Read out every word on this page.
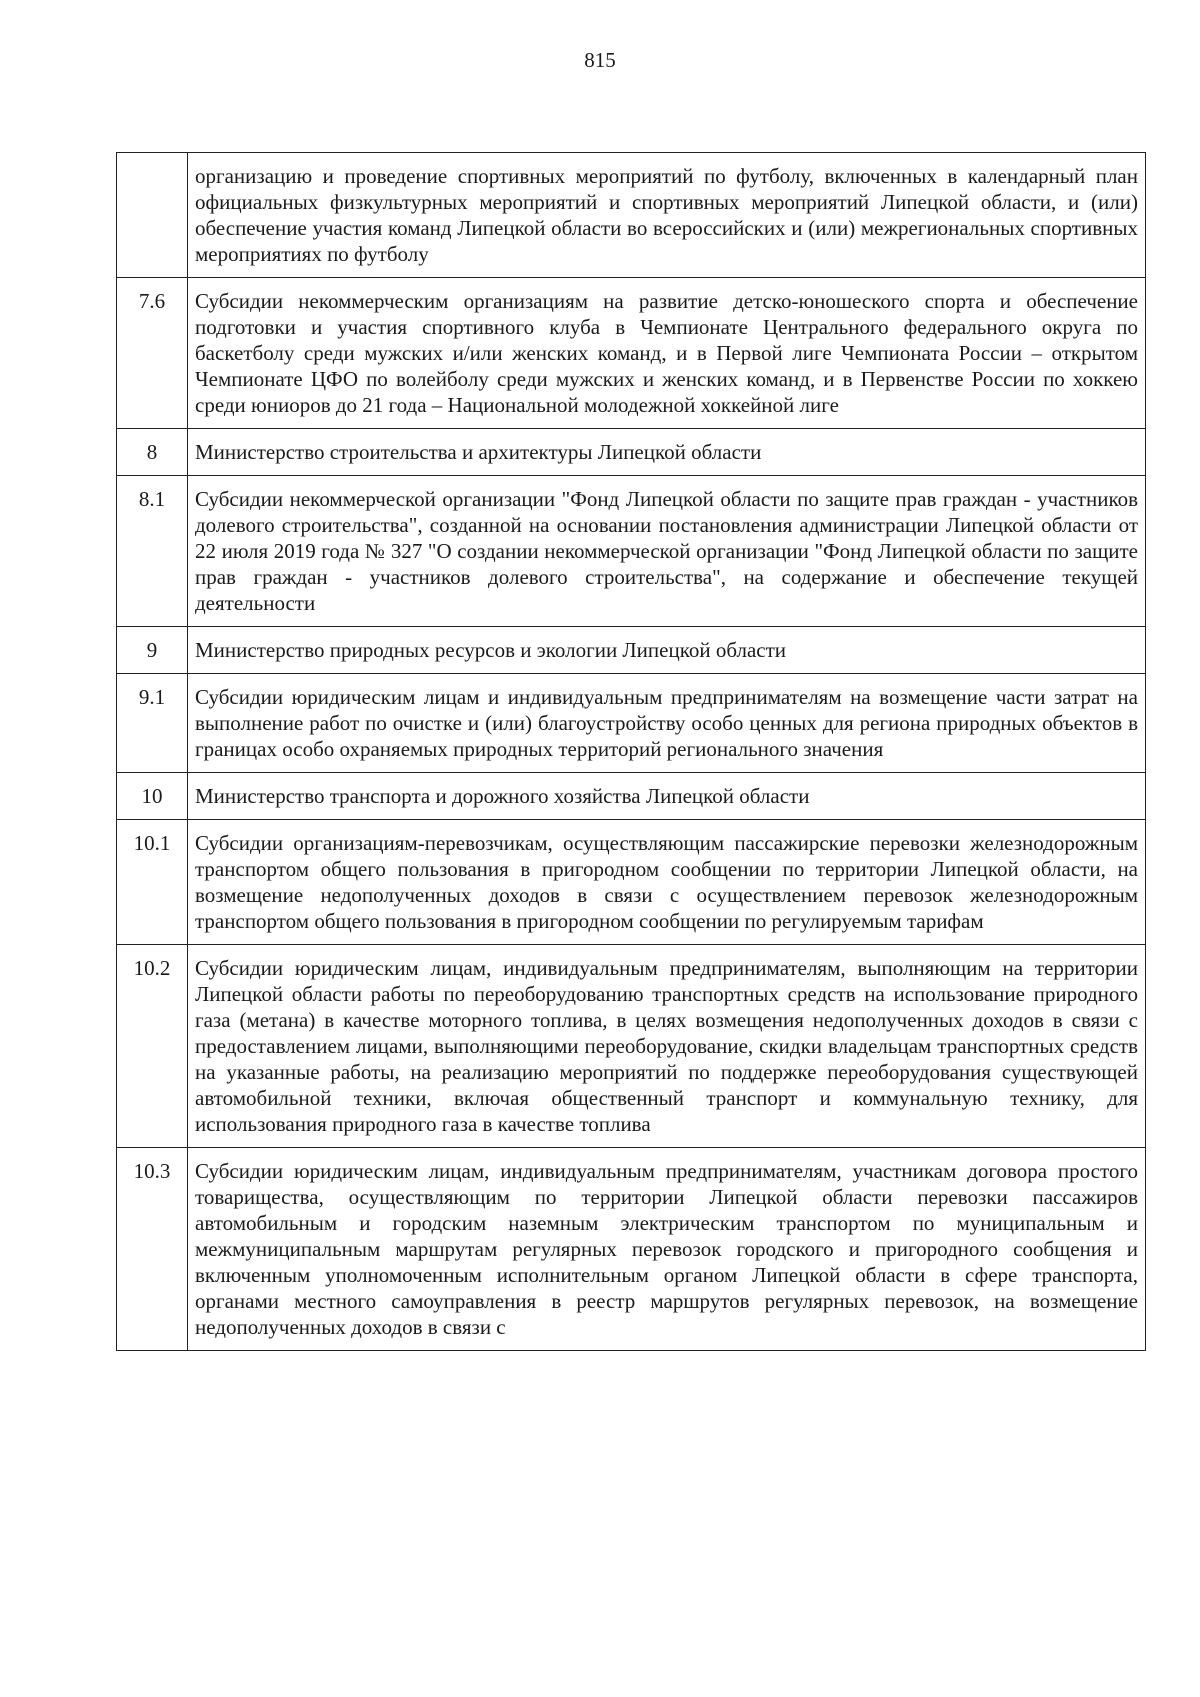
815
	организацию и проведение спортивных мероприятий по футболу, включенных в календарный план официальных физкультурных мероприятий и спортивных мероприятий Липецкой области, и (или) обеспечение участия команд Липецкой области во всероссийских и (или) межрегиональных спортивных мероприятиях по футболу
7.6	Субсидии некоммерческим организациям на развитие детско-юношеского спорта и обеспечение подготовки и участия спортивного клуба в Чемпионате Центрального федерального округа по баскетболу среди мужских и/или женских команд, и в Первой лиге Чемпионата России – открытом Чемпионате ЦФО по волейболу среди мужских и женских команд, и в Первенстве России по хоккею среди юниоров до 21 года – Национальной молодежной хоккейной лиге
8	Министерство строительства и архитектуры Липецкой области
8.1	Субсидии некоммерческой организации "Фонд Липецкой области по защите прав граждан - участников долевого строительства", созданной на основании постановления администрации Липецкой области от 22 июля 2019 года № 327 "О создании некоммерческой организации "Фонд Липецкой области по защите прав граждан - участников долевого строительства", на содержание и обеспечение текущей деятельности
9	Министерство природных ресурсов и экологии Липецкой области
9.1	Субсидии юридическим лицам и индивидуальным предпринимателям на возмещение части затрат на выполнение работ по очистке и (или) благоустройству особо ценных для региона природных объектов в границах особо охраняемых природных территорий регионального значения
10	Министерство транспорта и дорожного хозяйства Липецкой области
10.1	Субсидии организациям-перевозчикам, осуществляющим пассажирские перевозки железнодорожным транспортом общего пользования в пригородном сообщении по территории Липецкой области, на возмещение недополученных доходов в связи с осуществлением перевозок железнодорожным транспортом общего пользования в пригородном сообщении по регулируемым тарифам
10.2	Субсидии юридическим лицам, индивидуальным предпринимателям, выполняющим на территории Липецкой области работы по переоборудованию транспортных средств на использование природного газа (метана) в качестве моторного топлива, в целях возмещения недополученных доходов в связи с предоставлением лицами, выполняющими переоборудование, скидки владельцам транспортных средств на указанные работы, на реализацию мероприятий по поддержке переоборудования существующей автомобильной техники, включая общественный транспорт и коммунальную технику, для использования природного газа в качестве топлива
10.3	Субсидии юридическим лицам, индивидуальным предпринимателям, участникам договора простого товарищества, осуществляющим по территории Липецкой области перевозки пассажиров автомобильным и городским наземным электрическим транспортом по муниципальным и межмуниципальным маршрутам регулярных перевозок городского и пригородного сообщения и включенным уполномоченным исполнительным органом Липецкой области в сфере транспорта, органами местного самоуправления в реестр маршрутов регулярных перевозок, на возмещение недополученных доходов в связи с
